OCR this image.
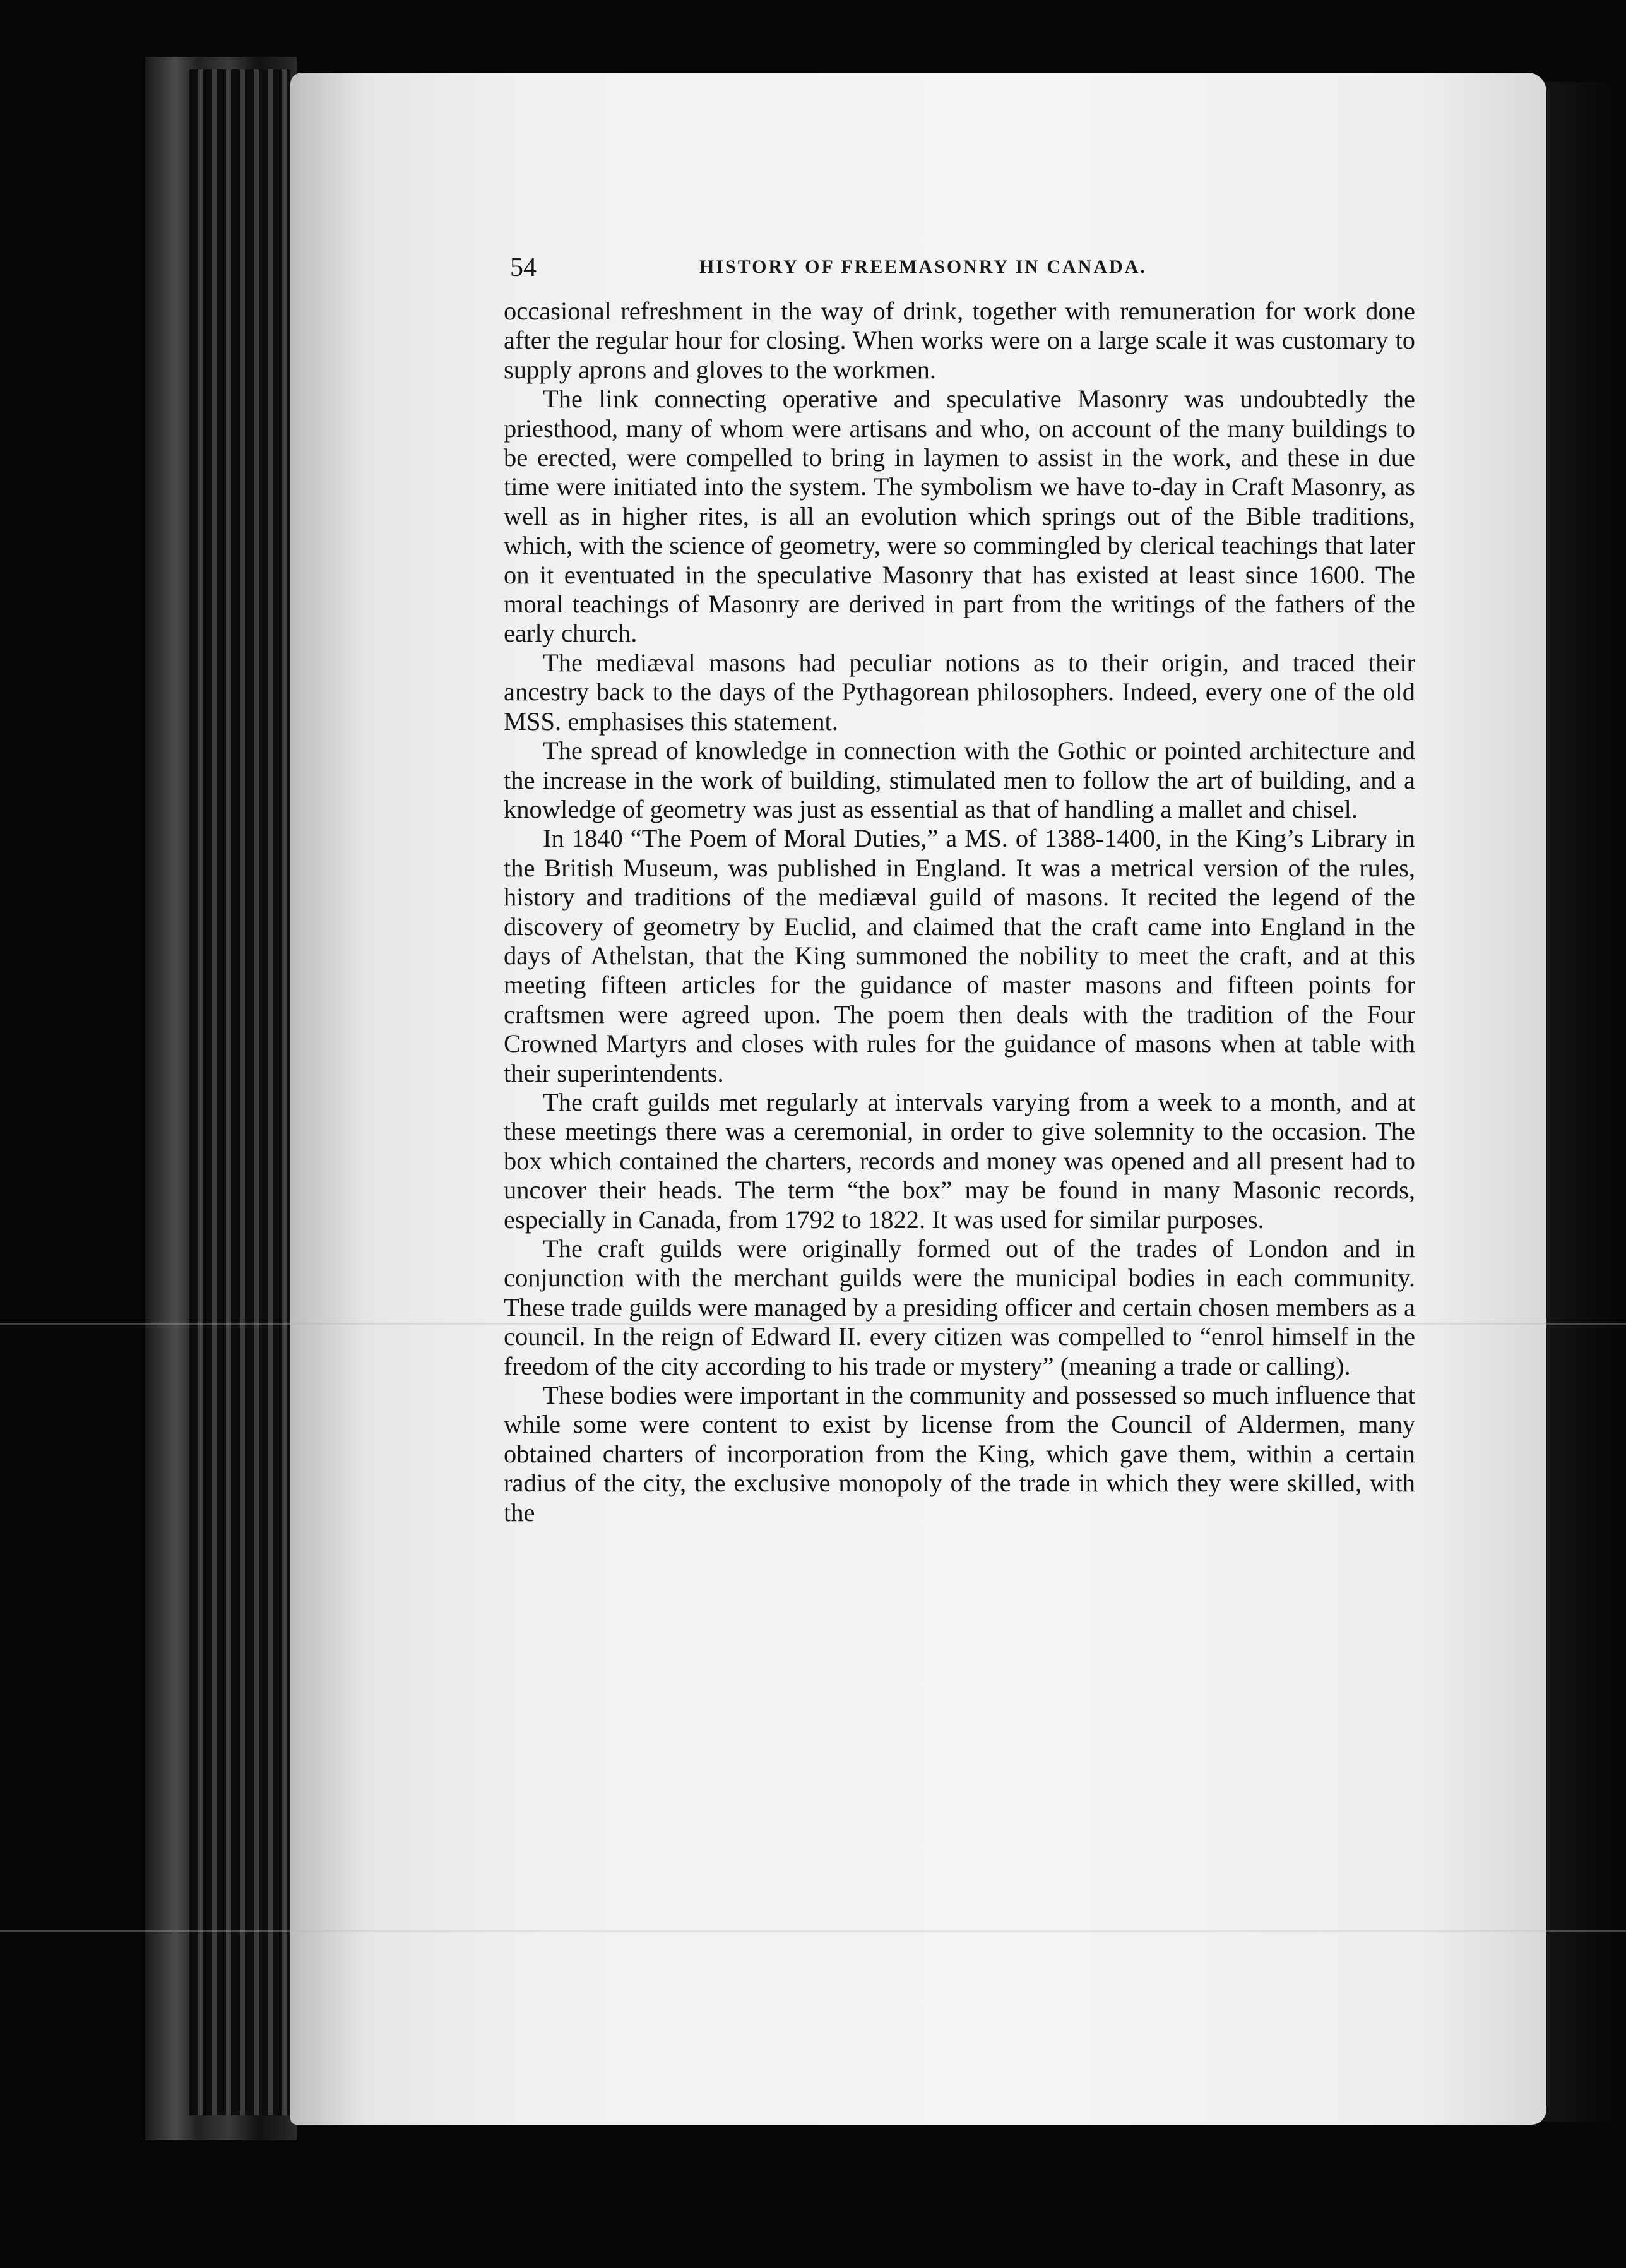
54	HISTORY OF FREEMASONRY IN CANADA.

occasional refreshment in the way of drink, together with remuneration for work done after the regular hour for closing. When works were on a large scale it was customary to supply aprons and gloves to the workmen.

The link connecting operative and speculative Masonry was undoubtedly the priesthood, many of whom were artisans and who, on account of the many buildings to be erected, were compelled to bring in laymen to assist in the work, and these in due time were initiated into the system. The symbolism we have to-day in Craft Masonry, as well as in higher rites, is all an evolution which springs out of the Bible traditions, which, with the science of geometry, were so commingled by clerical teachings that later on it eventuated in the speculative Masonry that has existed at least since 1600. The moral teachings of Masonry are derived in part from the writings of the fathers of the early church.

The mediæval masons had peculiar notions as to their origin, and traced their ancestry back to the days of the Pythagorean philosophers. Indeed, every one of the old MSS. emphasises this statement.

The spread of knowledge in connection with the Gothic or pointed architecture and the increase in the work of building, stimulated men to follow the art of building, and a knowledge of geometry was just as essential as that of handling a mallet and chisel.

In 1840 “The Poem of Moral Duties,” a MS. of 1388-1400, in the King’s Library in the British Museum, was published in England. It was a metrical version of the rules, history and traditions of the mediæval guild of masons. It recited the legend of the discovery of geometry by Euclid, and claimed that the craft came into England in the days of Athelstan, that the King summoned the nobility to meet the craft, and at this meeting fifteen articles for the guidance of master masons and fifteen points for craftsmen were agreed upon. The poem then deals with the tradition of the Four Crowned Martyrs and closes with rules for the guidance of masons when at table with their superintendents.

The craft guilds met regularly at intervals varying from a week to a month, and at these meetings there was a ceremonial, in order to give solemnity to the occasion. The box which contained the charters, records and money was opened and all present had to uncover their heads. The term “the box” may be found in many Masonic records, especially in Canada, from 1792 to 1822. It was used for similar purposes.

The craft guilds were originally formed out of the trades of London and in conjunction with the merchant guilds were the municipal bodies in each community. These trade guilds were managed by a presiding officer and certain chosen members as a council. In the reign of Edward II. every citizen was compelled to “enrol himself in the freedom of the city according to his trade or mystery” (meaning a trade or calling).

These bodies were important in the community and possessed so much influence that while some were content to exist by license from the Council of Aldermen, many obtained charters of incorporation from the King, which gave them, within a certain radius of the city, the exclusive monopoly of the trade in which they were skilled, with the
